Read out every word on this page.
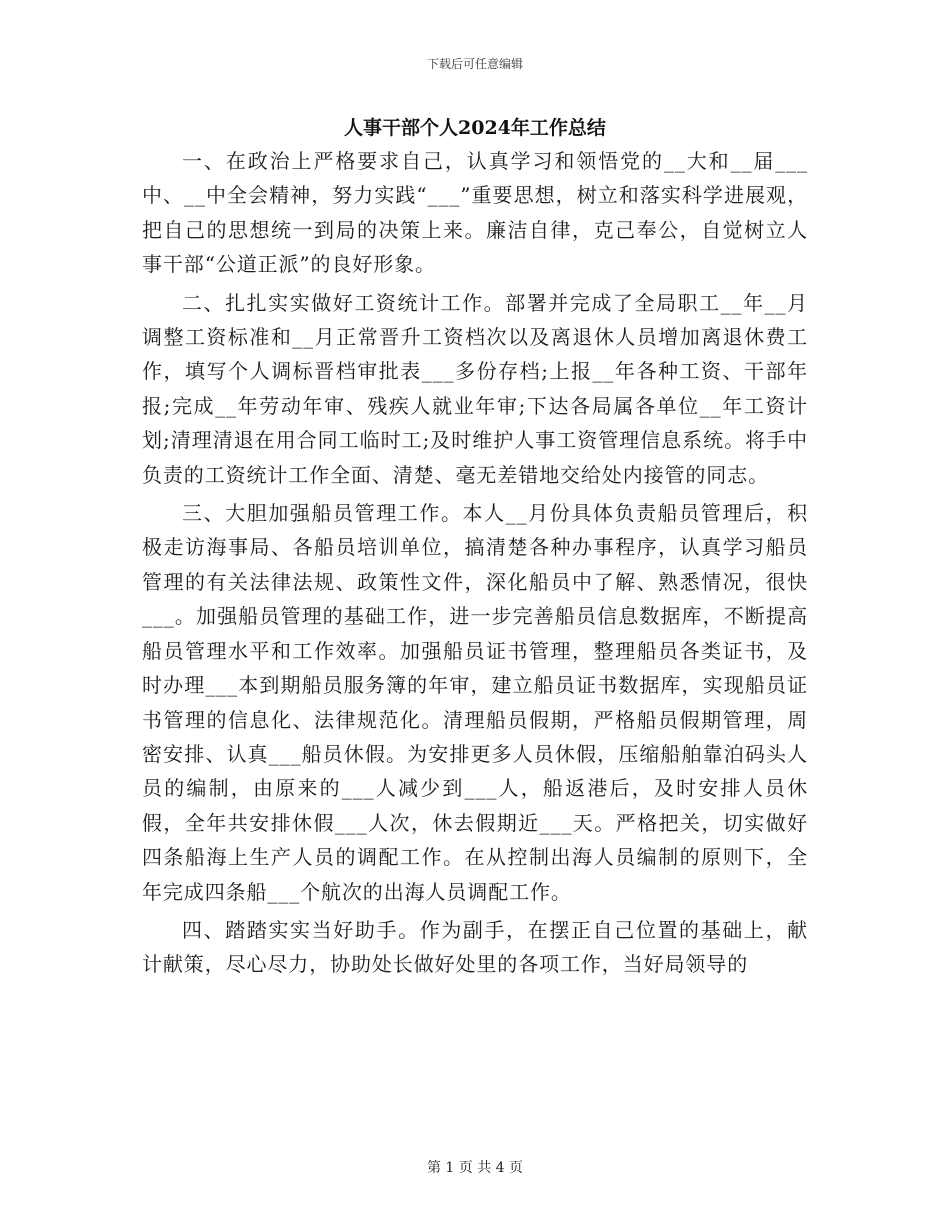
下载后可任意编辑
人事干部个人2024年工作总结

一、在政治上严格要求自己，认真学习和领悟党的__大和__届___中、__中全会精神，努力实践“___”重要思想，树立和落实科学进展观，把自己的思想统一到局的决策上来。廉洁自律，克己奉公，自觉树立人事干部“公道正派”的良好形象。

二、扎扎实实做好工资统计工作。部署并完成了全局职工__年__月调整工资标准和__月正常晋升工资档次以及离退休人员增加离退休费工作，填写个人调标晋档审批表___多份存档;上报__年各种工资、干部年报;完成__年劳动年审、残疾人就业年审;下达各局属各单位__年工资计划;清理清退在用合同工临时工;及时维护人事工资管理信息系统。将手中负责的工资统计工作全面、清楚、毫无差错地交给处内接管的同志。

三、大胆加强船员管理工作。本人__月份具体负责船员管理后，积极走访海事局、各船员培训单位，搞清楚各种办事程序，认真学习船员管理的有关法律法规、政策性文件，深化船员中了解、熟悉情况，很快___。加强船员管理的基础工作，进一步完善船员信息数据库，不断提高船员管理水平和工作效率。加强船员证书管理，整理船员各类证书，及时办理___本到期船员服务簿的年审，建立船员证书数据库，实现船员证书管理的信息化、法律规范化。清理船员假期，严格船员假期管理，周密安排、认真___船员休假。为安排更多人员休假，压缩船舶靠泊码头人员的编制，由原来的___人减少到___人，船返港后，及时安排人员休假，全年共安排休假___人次，休去假期近___天。严格把关，切实做好四条船海上生产人员的调配工作。在从控制出海人员编制的原则下，全年完成四条船___个航次的出海人员调配工作。

四、踏踏实实当好助手。作为副手，在摆正自己位置的基础上，献计献策，尽心尽力，协助处长做好处里的各项工作，当好局领导的

第 1 页 共 4 页
